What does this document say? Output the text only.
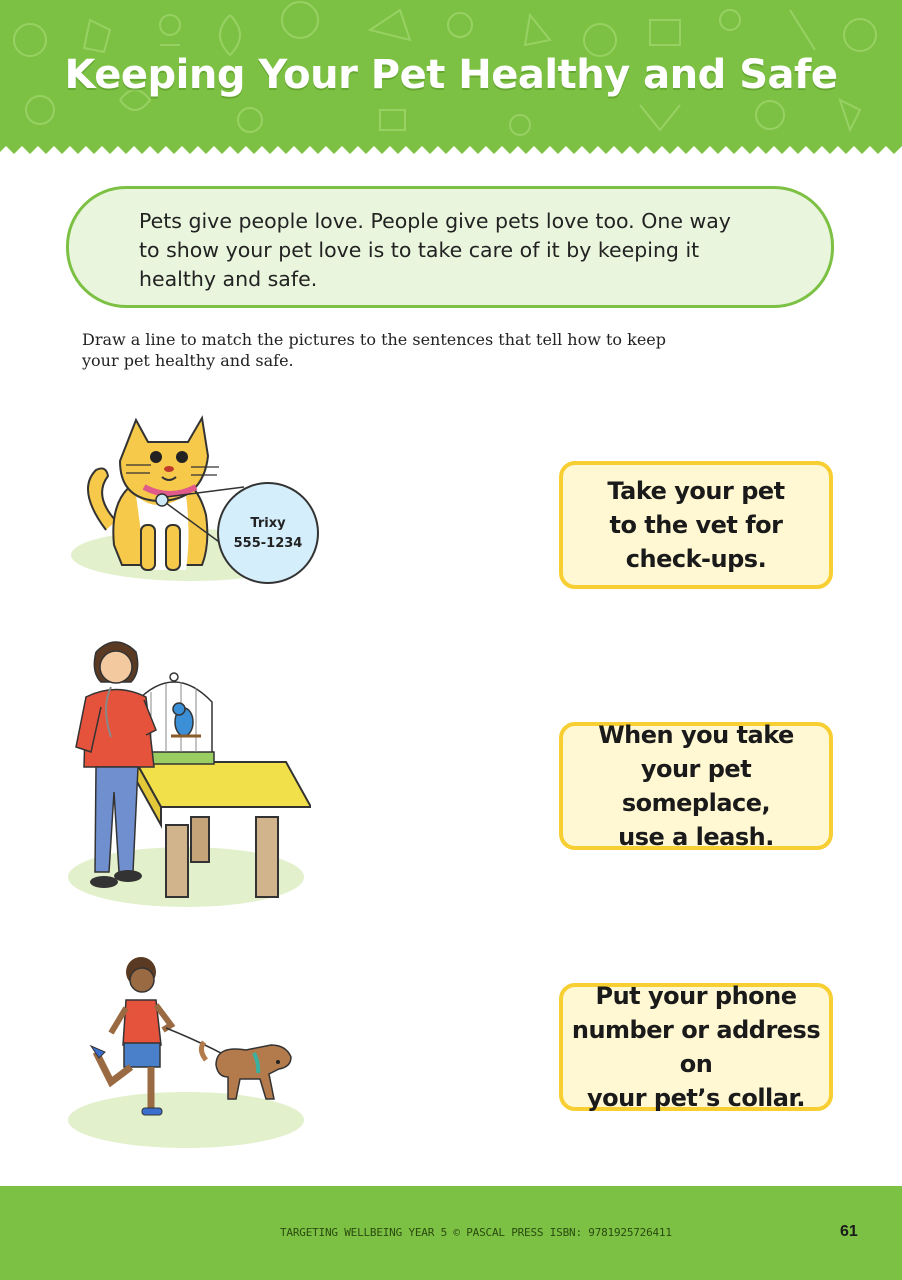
Keeping Your Pet Healthy and Safe
Pets give people love. People give pets love too. One way
to show your pet love is to take care of it by keeping it
healthy and safe.
Draw a line to match the pictures to the sentences that tell how to keep
your pet healthy and safe.
Trixy
555-1234
Take your pet
to the vet for
check-ups.
When you take
your pet someplace,
use a leash.
Put your phone
number or address on
your pet’s collar.
TARGETING WELLBEING YEAR 5 © PASCAL PRESS ISBN: 9781925726411	61
